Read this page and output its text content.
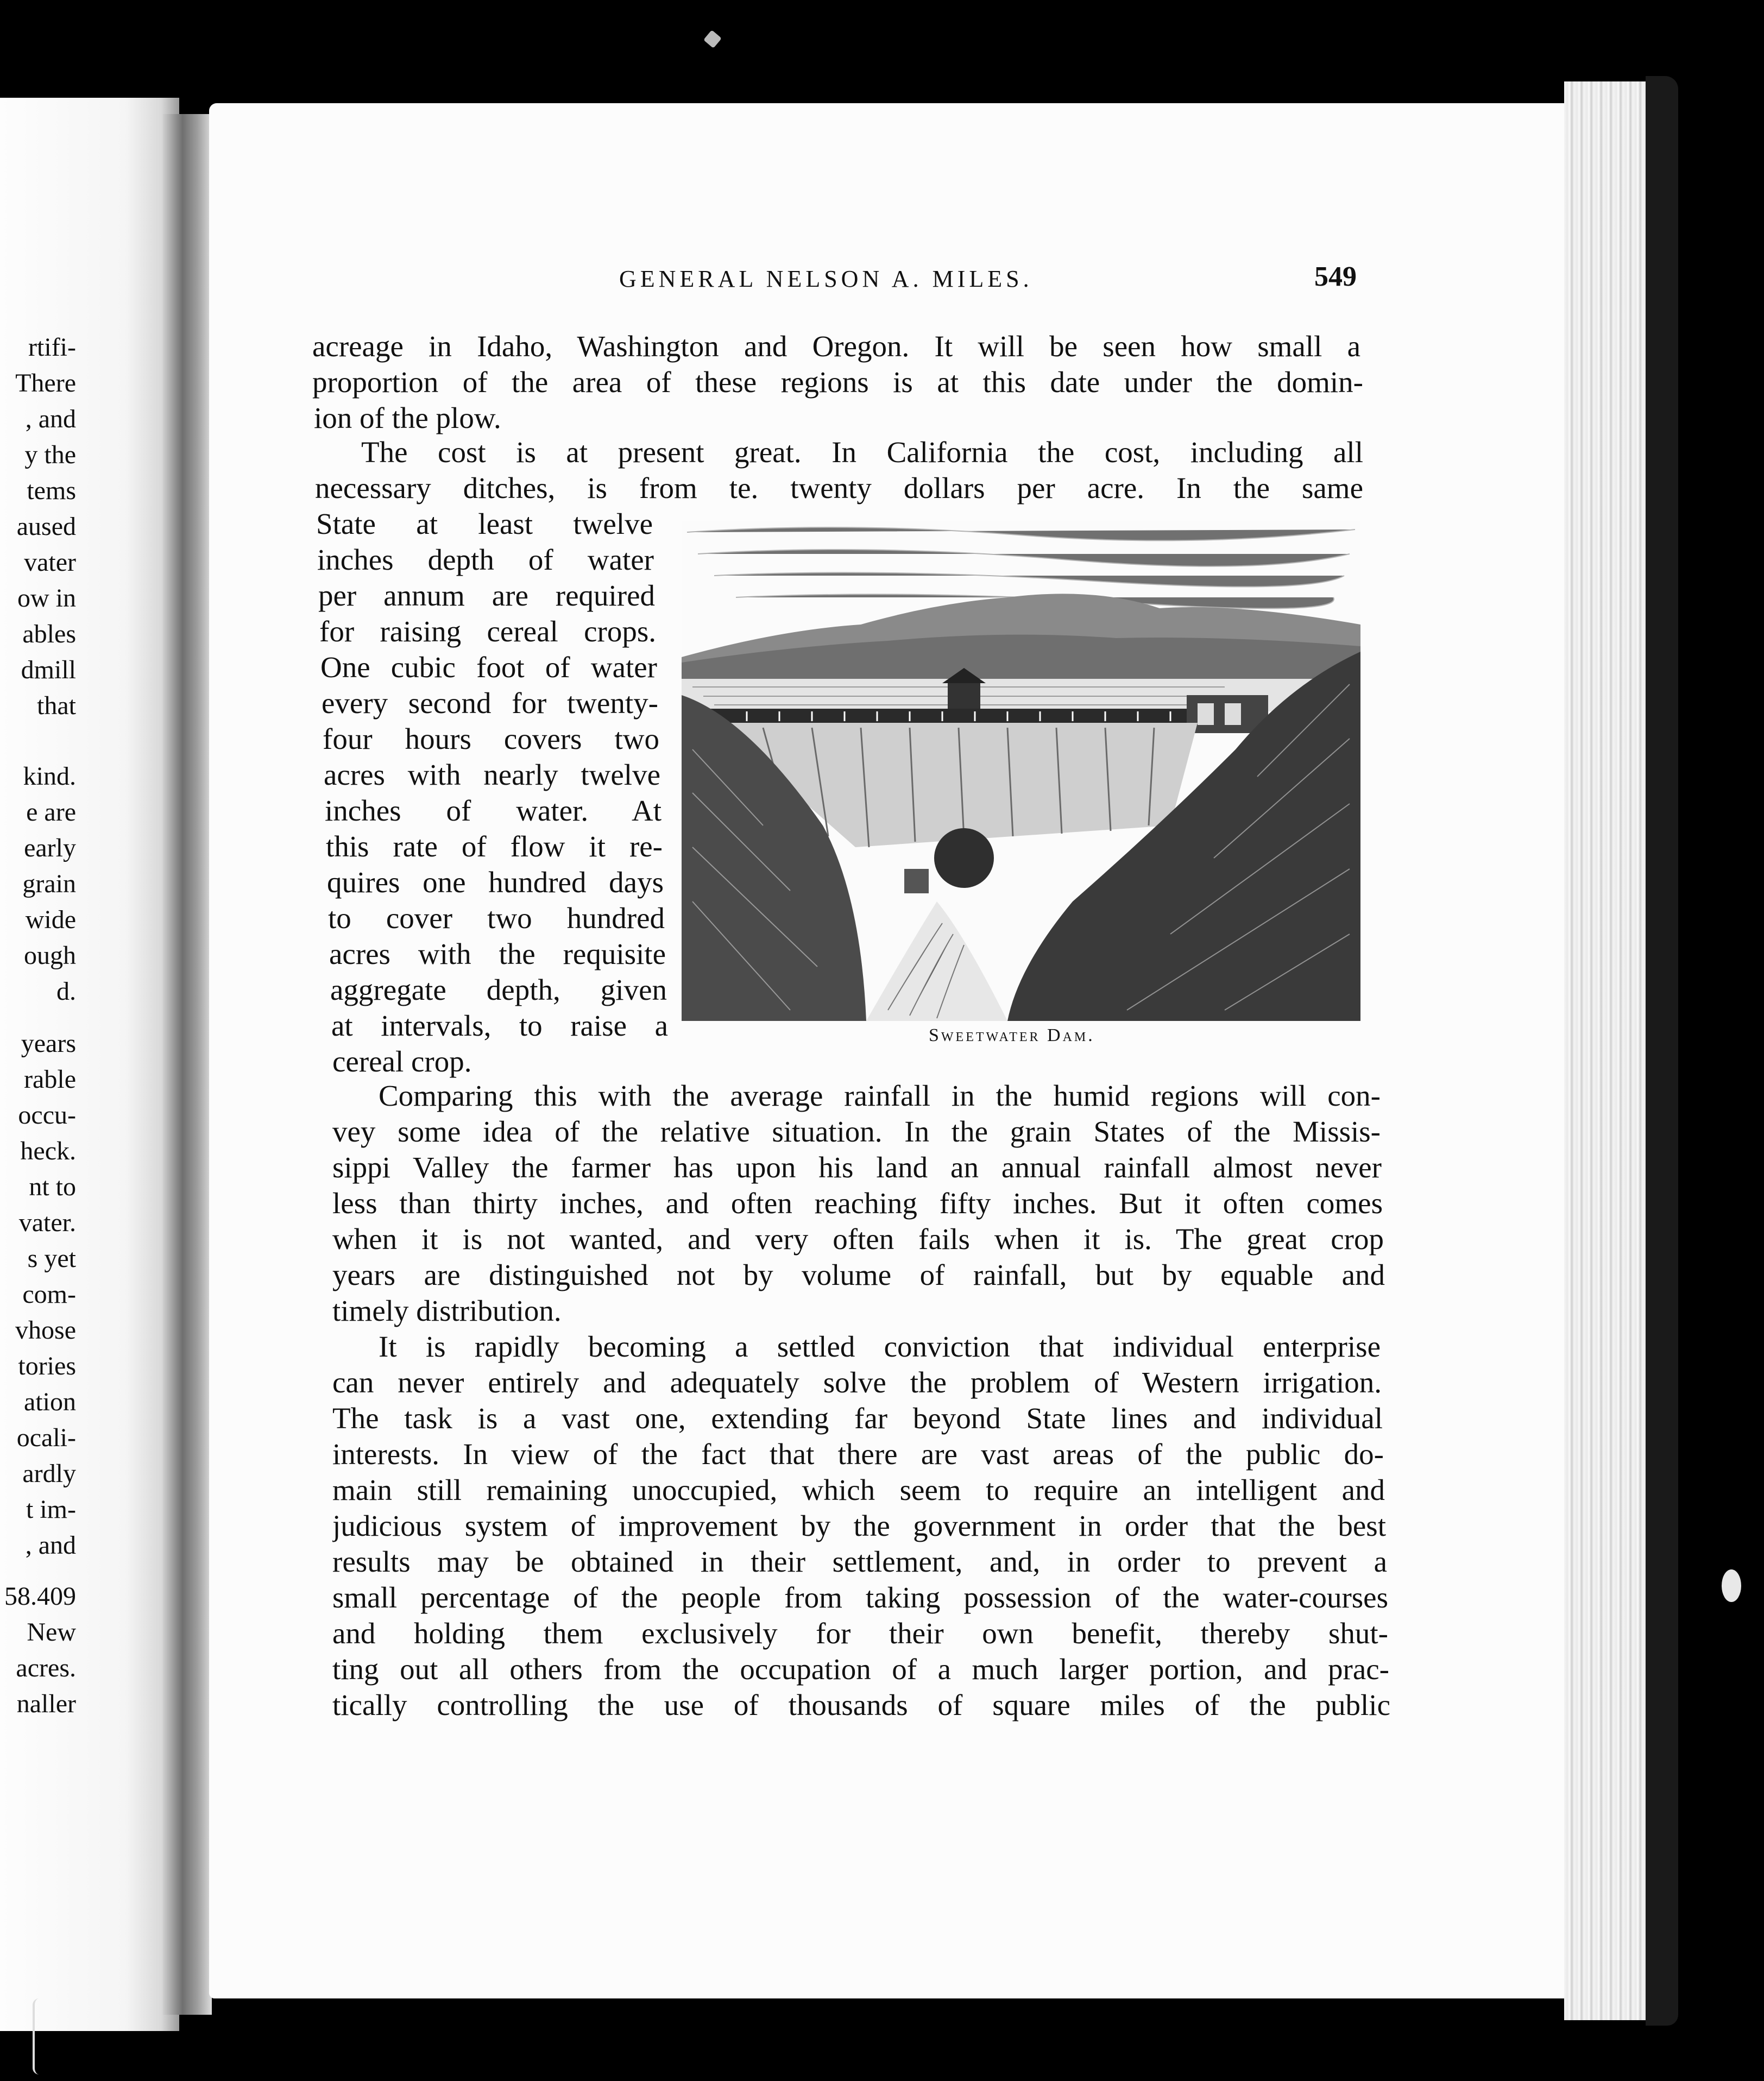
rtifi-
There
, and
y the
tems
aused
vater
ow in
ables
dmill
that
kind.
e are
early
grain
wide
ough
d.
years
rable
occu-
heck.
nt to
vater.
s yet
com-
vhose
tories
ation
ocali-
ardly
t im-
, and
58.409
New
acres.
naller
GENERAL NELSON A. MILES.	549
acreage in Idaho, Washington and Oregon. It will be seen how small a
proportion of the area of these regions is at this date under the domin-
ion of the plow.
The cost is at present great. In California the cost, including all
necessary ditches, is from te. twenty dollars per acre. In the same
State at least twelve
inches depth of water
per annum are required
for raising cereal crops.
One cubic foot of water
every second for twenty-
four hours covers two
acres with nearly twelve
inches of water. At
this rate of flow it re-
quires one hundred days
to cover two hundred
acres with the requisite
aggregate depth, given
at intervals, to raise a
cereal crop.
Comparing this with the average rainfall in the humid regions will con-
vey some idea of the relative situation. In the grain States of the Missis-
sippi Valley the farmer has upon his land an annual rainfall almost never
less than thirty inches, and often reaching fifty inches. But it often comes
when it is not wanted, and very often fails when it is. The great crop
years are distinguished not by volume of rainfall, but by equable and
timely distribution.
It is rapidly becoming a settled conviction that individual enterprise
can never entirely and adequately solve the problem of Western irrigation.
The task is a vast one, extending far beyond State lines and individual
interests. In view of the fact that there are vast areas of the public do-
main still remaining unoccupied, which seem to require an intelligent and
judicious system of improvement by the government in order that the best
results may be obtained in their settlement, and, in order to prevent a
small percentage of the people from taking possession of the water-courses
and holding them exclusively for their own benefit, thereby shut-
ting out all others from the occupation of a much larger portion, and prac-
tically controlling the use of thousands of square miles of the public
Sweetwater Dam.
